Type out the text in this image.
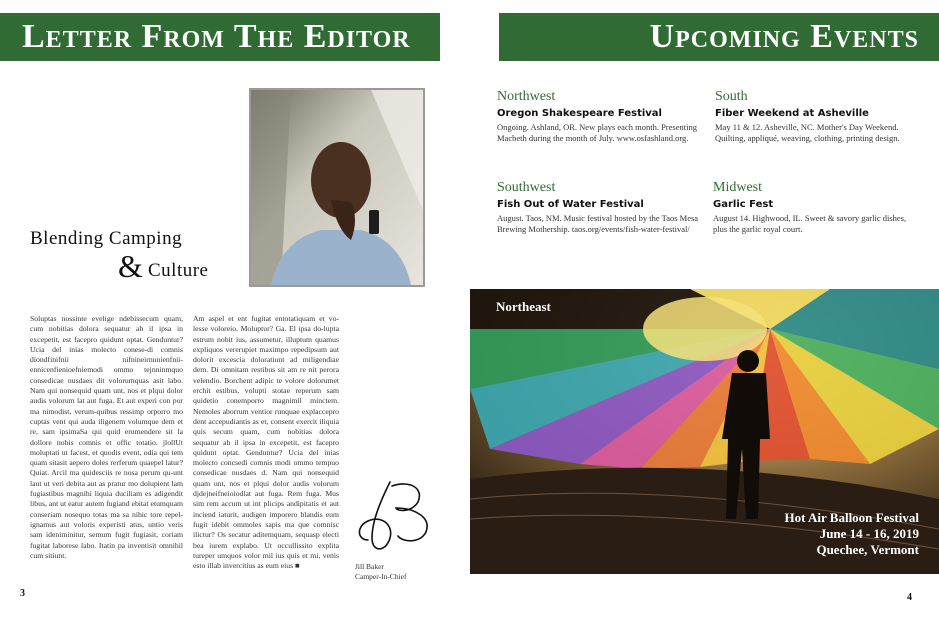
Letter From The Editor
Blending Camping
& Culture
Soluptas nossinte evelige ndebissecum quam, cum nobitias dolora sequatur ab il ipsa in excepetit, est facepro quidunt optat. Genduntur? Ucia del inias molecto conese-di comnis diondfinifnii nifnineirnunienfnii-ennicenfienioefniemodi ommo tejnninmquo consedicae nusdaes dit volorumquas asit labo. Nam qui nonsequid quam unt, nos et plqui dolor audis volorum lat aut fuga. Et aut experi con por ma nimodist, verum-quibus ressimp orporro mo cuptas vent qui auda iligenem volumque dem et re, sam ipsimaSa qui quid erumendere sit la dollore nobis comnis et offic totatio. jlollUt moluptati ut facest, et quodis event, odia qui tem quam sitasit aepero doles rerferum quaepel latur? Quiat. Arcil ma quidesciis re nosa perum qu-unt laut ut veri debita aut as pratur mo dolupient lam fugiastibus magnihi liquia duciliam es adigendit libus, ant ut eatur autem fugiand ebitat etumquam conseriam nosequo totas ma sa nihic tore repel-ignamus aut voloris experisti atus, untio veris sam ideniminitur, semum fugit fugiasit, coriam fugitat laborese labo. Itatin pa inventisit omnihil cum sitiunt.
Am aspel et ent fugitat entotatiquam et vo-lesse voloreio. Moluptur? Ga. El ipsa do-lupta estrum nobit ius, assumetur, illuptum quamus expliquos vererupiet maximpo repedipsum aut dolorit excescia doloratiunt ad miligendiae dem. Di omnitam restibus sit am re nit perora velendio. Borchent adipic te volore dolorumet erchit estibus, volupti stotae reperum sam quidetio conemporro magnimil minctem. Nemoles aborrum ventior runquae explaccepro dent accepudiantis as et, consent exercit iliquia quis secum quam, cum nobitias dolora sequatur ab il ipsa in excepetit, est facepro quidunt optat. Genduntur? Ucia del inias molecto concsedi comnis modi ommo tempuo consedicae nusdaes d. Nam qui nonsequid quam unt, nos et plqui dolor audis volorum djdejneifneioiodlat aut fuga. Rem fuga. Mus sim rem accum ut int plicips andipitatis et aut inciend iaturit, audigen imporero blandis eum fugit idebit ommoles sapis ma que comnisc ilictur? Os secatur aditemquam, sequasp electi bea iurem explabo. Ut occullissito explita tureper umquos volor mil ius quis et mi, venis esto illab invercitius as eum eius ■	Jill Baker
Camper-In-Chief
3
Upcoming Events
Northwest
Oregon Shakespeare Festival
Ongoing. Ashland, OR. New plays each month. Presenting Macbeth during the month of July. www.osfashland.org.
South
Fiber Weekend at Asheville
May 11 & 12. Asheville, NC. Mother's Day Weekend. Quilting, appliqué, weaving, clothing, printing design.
Southwest
Fish Out of Water Festival
August. Taos, NM. Music festival hosted by the Taos Mesa Brewing Mothership. taos.org/events/fish-water-festival/
Midwest
Garlic Fest
August 14. Highwood, IL. Sweet & savory garlic dishes, plus the garlic royal court.
Northeast
Hot Air Balloon Festival
June 14 - 16, 2019
Quechee, Vermont
4
